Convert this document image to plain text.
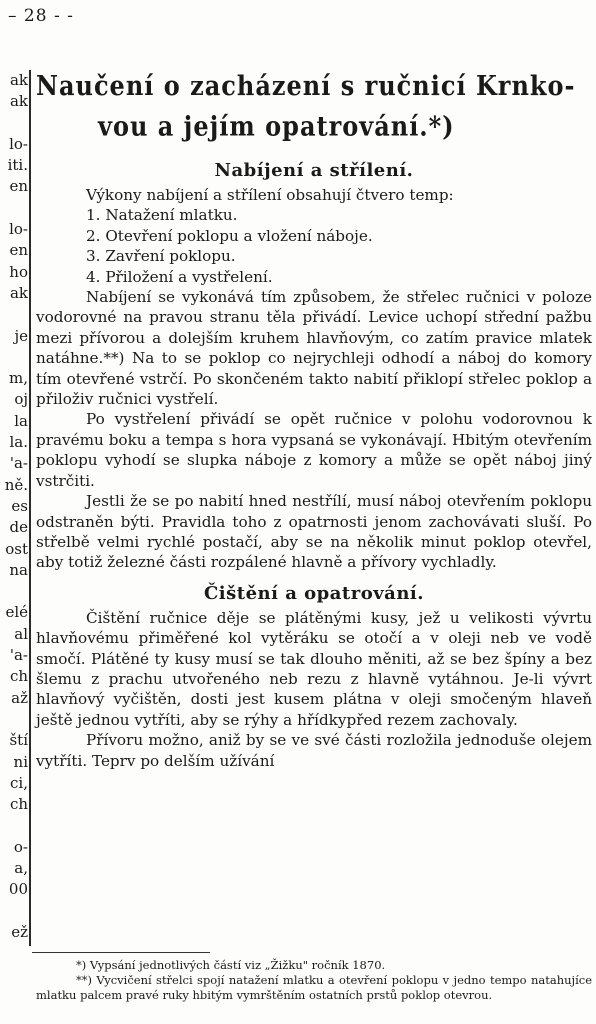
– 28 - -
ak
ak
lo-
iti.
en
lo-
en
ho
ak
je
m,
oj
la
la.
'a-
ně.
es
de
ost
na
elé
al
'a-
ch
až
ští
ni
ci,
ch
o-
a,
00
ež
Naučení o zacházení s ručnicí Krnko-
vou a jejím opatrování.*)
Nabíjení a střílení.

Výkony nabíjení a střílení obsahují čtvero temp:

1. Natažení mlatku.
2. Otevření poklopu a vložení náboje.
3. Zavření poklopu.
4. Přiložení a vystřelení.

Nabíjení se vykonává tím způsobem, že střelec ručnici v poloze vodorovné na pravou stranu těla přivádí. Levice uchopí střední pažbu mezi přívorou a dolejším kruhem hlavňovým, co zatím pravice mlatek natáhne.**) Na to se poklop co nejrychleji odhodí a náboj do komory tím otevřené vstrčí. Po skončeném takto nabití přiklopí střelec poklop a přiloživ ručnici vystřelí.

Po vystřelení přivádí se opět ručnice v polohu vodorovnou k pravému boku a tempa s hora vypsaná se vykonávají. Hbitým otevřením poklopu vyhodí se slupka náboje z komory a může se opět náboj jiný vstrčiti.

Jestli že se po nabití hned nestřílí, musí náboj otevřením poklopu odstraněn býti. Pravidla toho z opatrnosti jenom zachovávati sluší. Po střelbě velmi rychlé postačí, aby se na několik minut poklop otevřel, aby totiž železné části rozpálené hlavně a přívory vychladly.

Čištění a opatrování.

Čištění ručnice děje se plátěnými kusy, jež u velikosti vývrtu hlavňovému přiměřené kol vytěráku se otočí a v oleji neb ve vodě smočí. Plátěné ty kusy musí se tak dlouho měniti, až se bez špíny a bez šlemu z prachu utvořeného neb rezu z hlavně vytáhnou. Je-li vývrt hlavňový vyčištěn, dosti jest kusem plátna v oleji smočeným hlaveň ještě jednou vytříti, aby se rýhy a hřídkypřed rezem zachovaly.

Přívoru možno, aniž by se ve své části rozložila jednoduše olejem vytříti. Teprv po delším užívání

*) Vypsání jednotlivých částí viz „Žižku" ročník 1870.
**) Vycvičení střelci spojí natažení mlatku a otevření poklopu v jedno tempo natahujíce mlatku palcem pravé ruky hbitým vymrštěním ostatních prstů poklop otevrou.
